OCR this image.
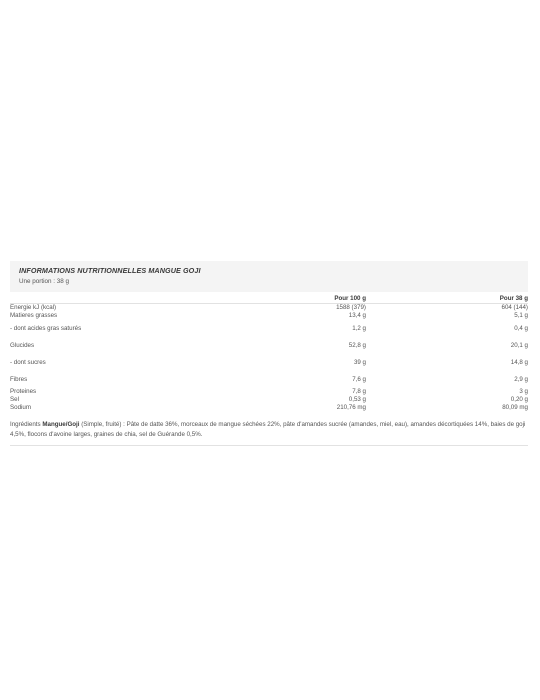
INFORMATIONS NUTRITIONNELLES MANGUE GOJI
Une portion : 38 g
	Pour 100 g	Pour 38 g
Energie kJ (kcal)	1588 (379)	604 (144)
Matieres grasses	13,4 g	5,1 g
- dont acides gras saturés	1,2 g	0,4 g
Glucides	52,8 g	20,1 g
- dont sucres	39 g	14,8 g
Fibres	7,6 g	2,9 g
Proteines	7,8 g	3 g
Sel	0,53 g	0,20 g
Sodium	210,76 mg	80,09 mg
Ingrédients Mangue/Goji (Simple, fruité) : Pâte de datte 36%, morceaux de mangue séchées 22%, pâte d'amandes sucrée (amandes, miel, eau), amandes décortiquées 14%, baies de goji 4,5%, flocons d'avoine larges, graines de chia, sel de Guérande 0,5%.
